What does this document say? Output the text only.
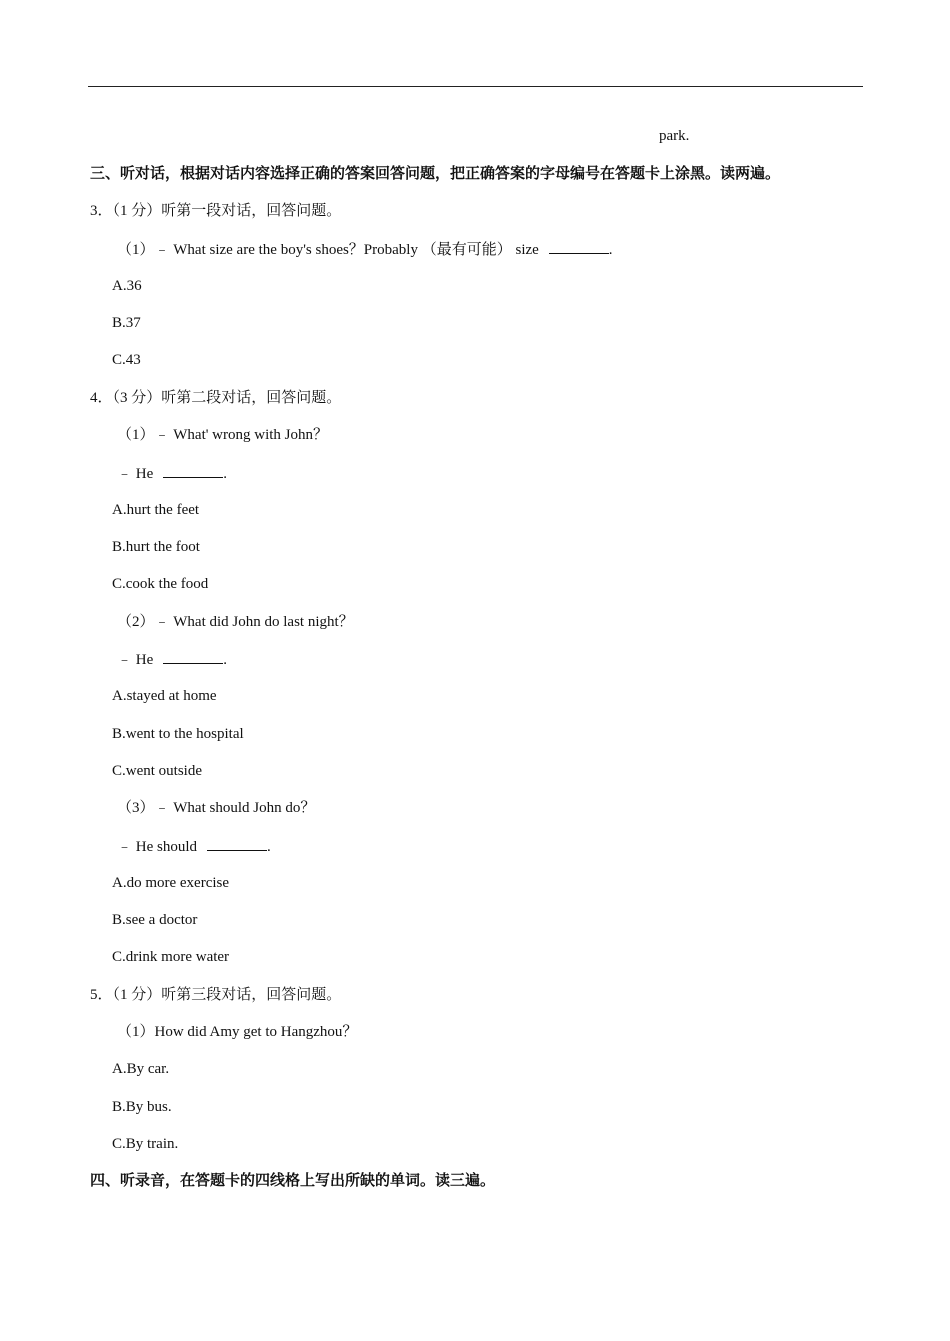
park.
三、听对话，根据对话内容选择正确的答案回答问题，把正确答案的字母编号在答题卡上涂黑。读两遍。
3．（1 分）听第一段对话，回答问题。
（1）﹣ What size are the boy's shoes？Probably （最有可能） size	.
A.36
B.37
C.43
4．（3 分）听第二段对话，回答问题。
（1）﹣ What' wrong with John？
﹣ He	.
A.hurt the feet
B.hurt the foot
C.cook the food
（2）﹣ What did John do last night？
﹣ He	.
A.stayed at home
B.went to the hospital
C.went outside
（3）﹣ What should John do？
﹣ He should	.
A.do more exercise
B.see a doctor
C.drink more water
5．（1 分）听第三段对话，回答问题。
（1）How did Amy get to Hangzhou？
A.By car.
B.By bus.
C.By train.
四、听录音，在答题卡的四线格上写出所缺的单词。读三遍。
